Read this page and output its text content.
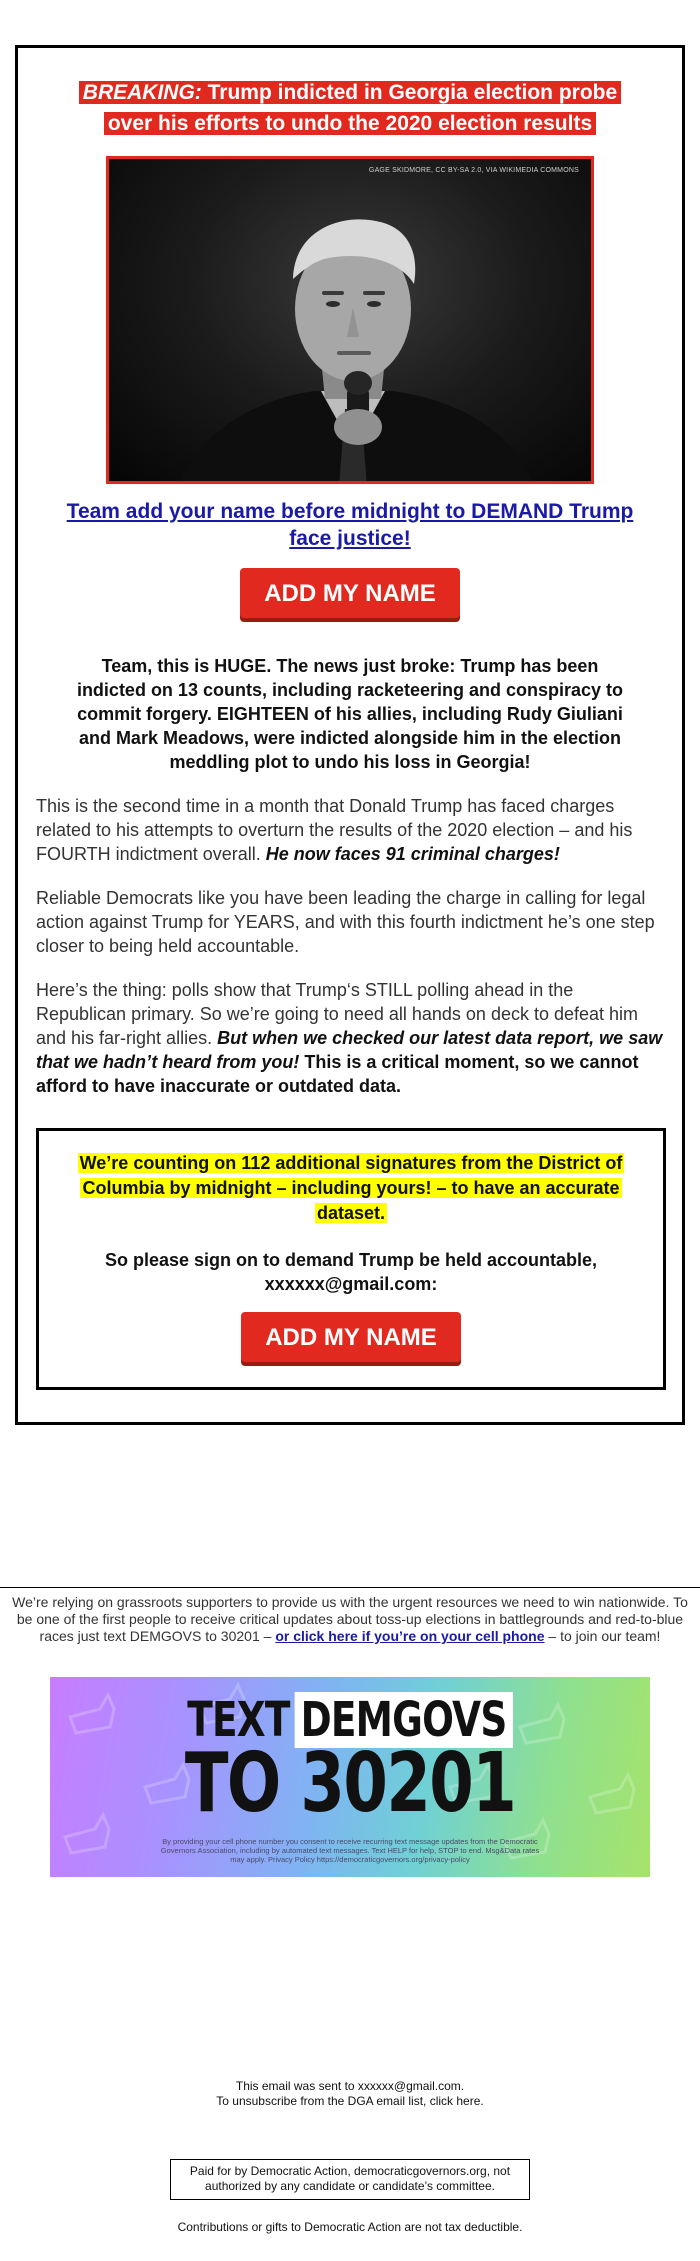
BREAKING: Trump indicted in Georgia election probe over his efforts to undo the 2020 election results
GAGE SKIDMORE, CC BY-SA 2.0, VIA WIKIMEDIA COMMONS
Team add your name before midnight to DEMAND Trump face justice!
ADD MY NAME
Team, this is HUGE. The news just broke: Trump has been indicted on 13 counts, including racketeering and conspiracy to commit forgery. EIGHTEEN of his allies, including Rudy Giuliani and Mark Meadows, were indicted alongside him in the election meddling plot to undo his loss in Georgia!

This is the second time in a month that Donald Trump has faced charges related to his attempts to overturn the results of the 2020 election – and his FOURTH indictment overall. He now faces 91 criminal charges!

Reliable Democrats like you have been leading the charge in calling for legal action against Trump for YEARS, and with this fourth indictment he’s one step closer to being held accountable.

Here’s the thing: polls show that Trump‘s STILL polling ahead in the Republican primary. So we’re going to need all hands on deck to defeat him and his far-right allies. But when we checked our latest data report, we saw that we hadn’t heard from you! This is a critical moment, so we cannot afford to have inaccurate or outdated data.

We’re counting on 112 additional signatures from the District of Columbia by midnight – including yours! – to have an accurate dataset.
So please sign on to demand Trump be held accountable, xxxxxx@gmail.com:
ADD MY NAME
We’re relying on grassroots supporters to provide us with the urgent resources we need to win nationwide. To be one of the first people to receive critical updates about toss-up elections in battlegrounds and red-to-blue races just text DEMGOVS to 30201 – or click here if you’re on your cell phone – to join our team!
TEXT DEMGOVS
TO 30201
By providing your cell phone number you consent to receive recurring text message updates from the Democratic Governors Association, including by automated text messages. Text HELP for help, STOP to end. Msg&Data rates may apply. Privacy Policy https://democraticgovernors.org/privacy-policy
This email was sent to xxxxxx@gmail.com.
To unsubscribe from the DGA email list, click here.
Paid for by Democratic Action, democraticgovernors.org, not authorized by any candidate or candidate’s committee.
Contributions or gifts to Democratic Action are not tax deductible.
